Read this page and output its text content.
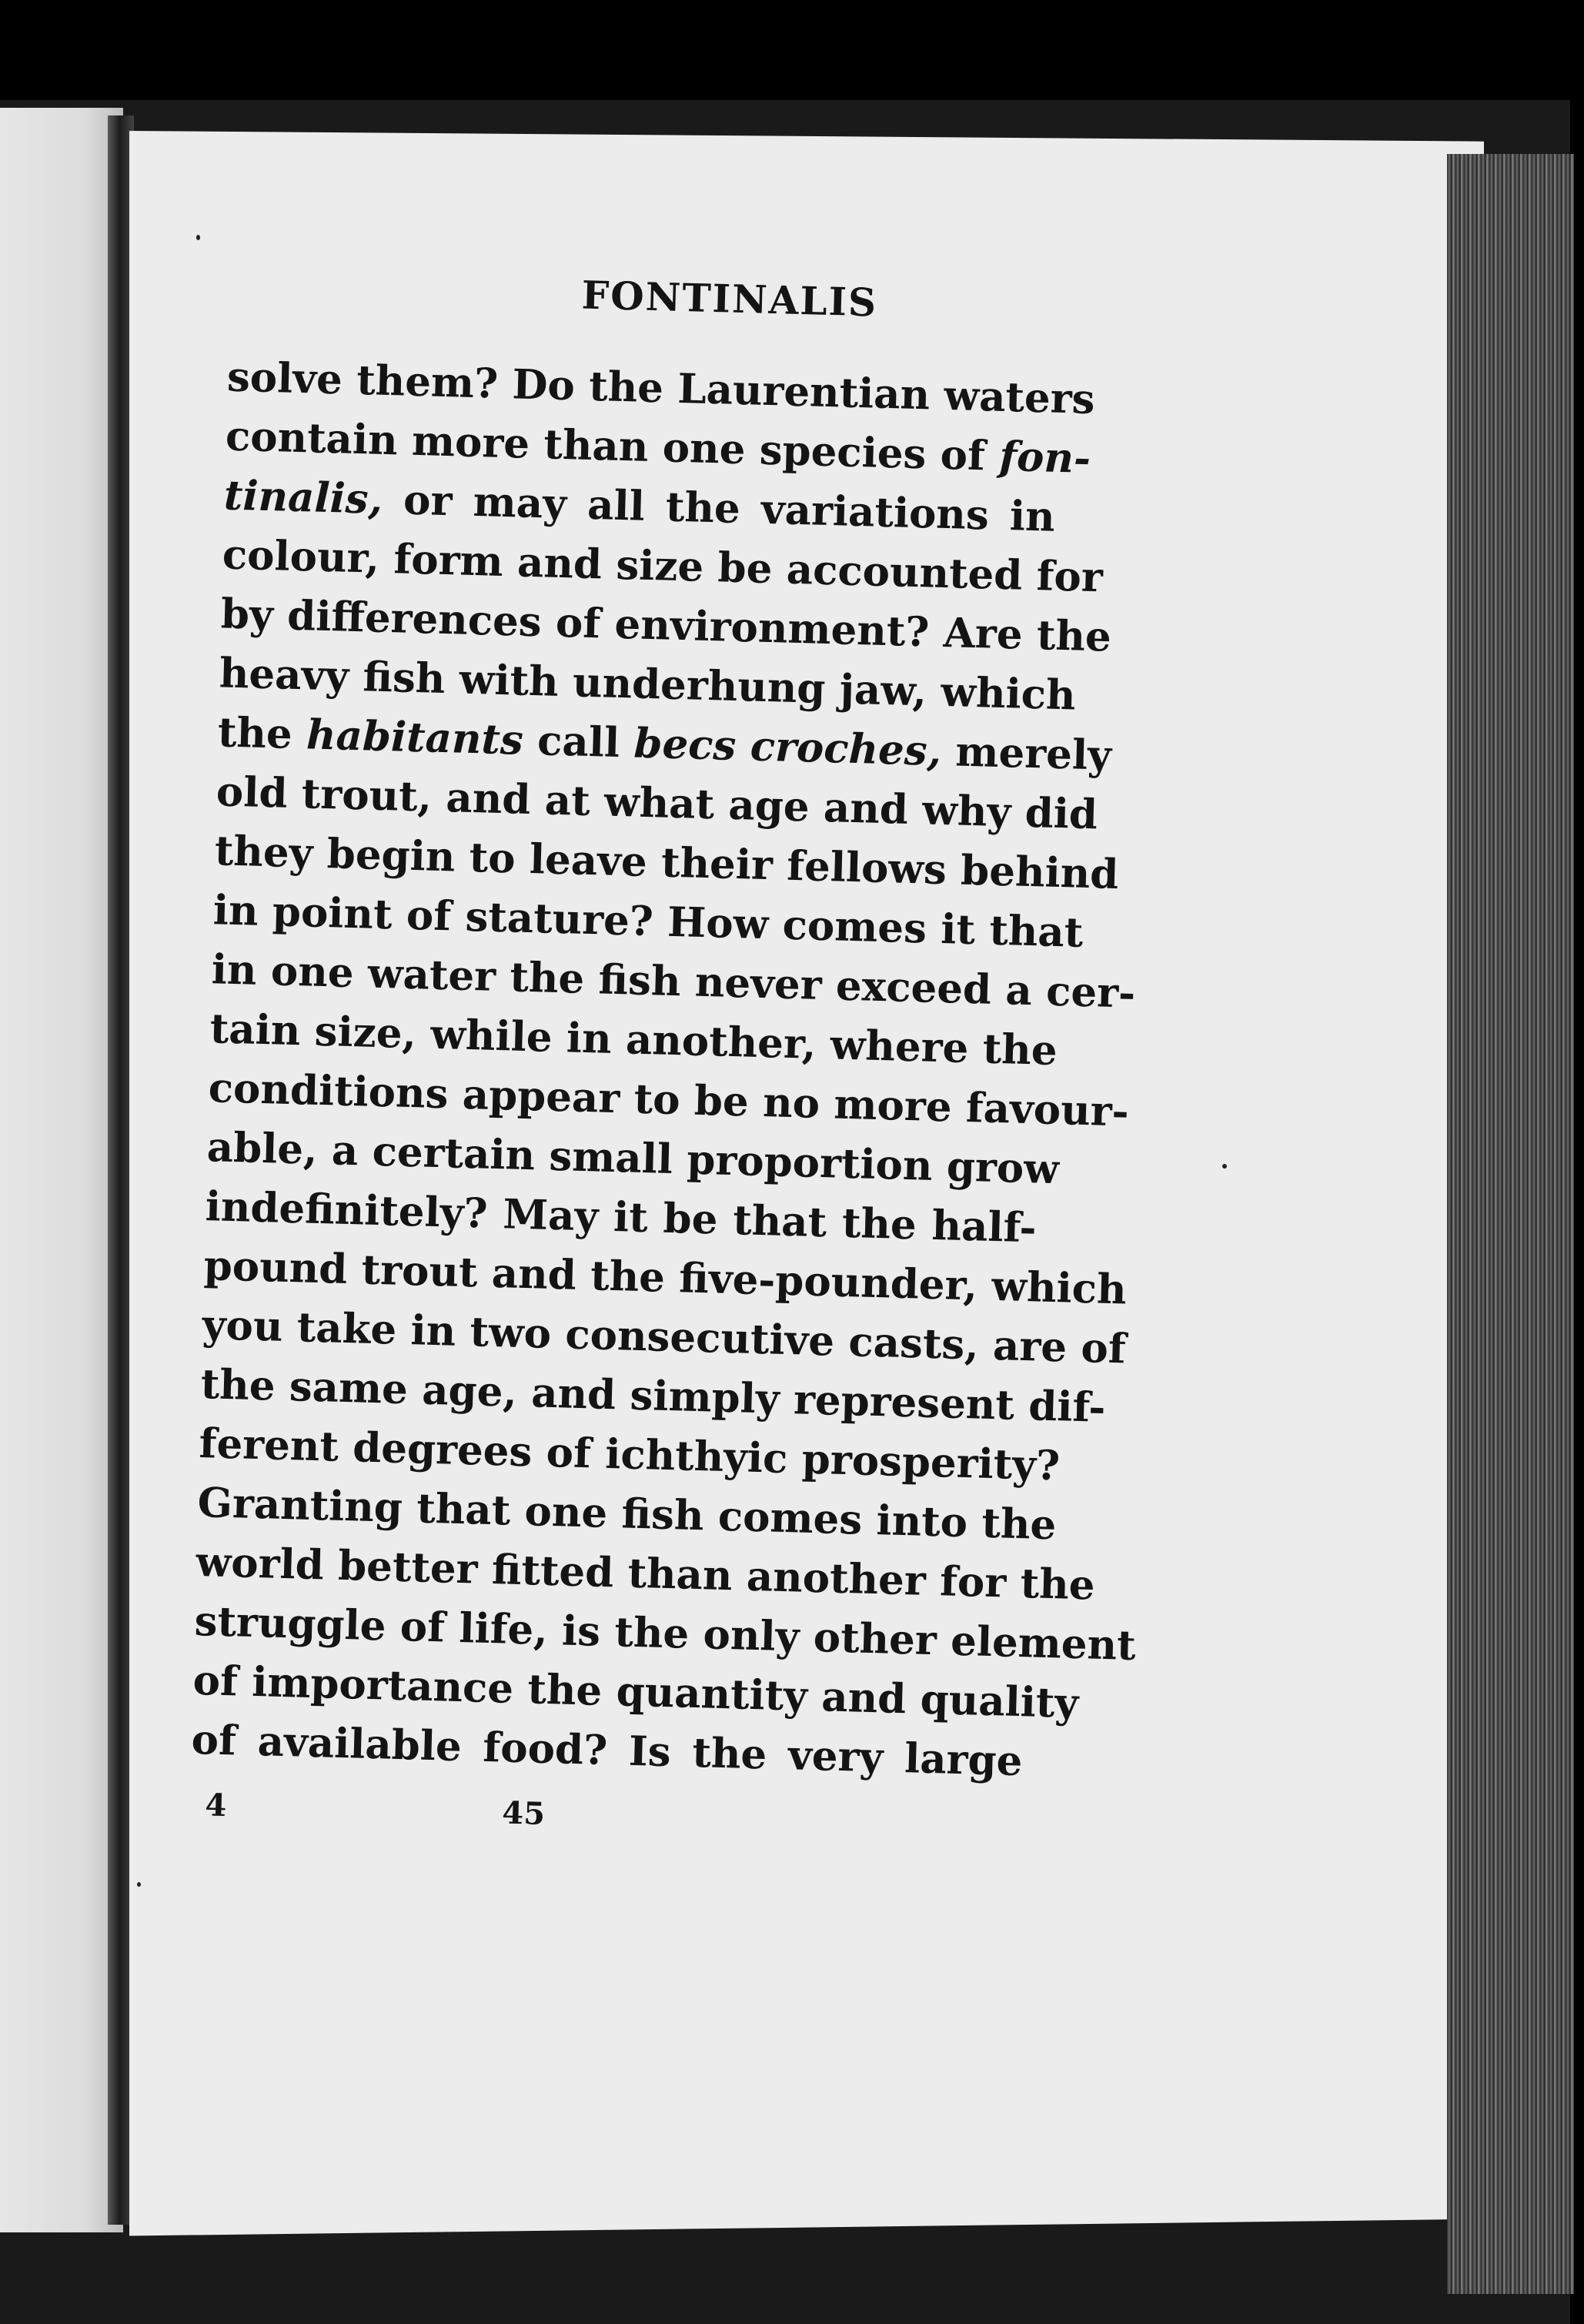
FONTINALIS
solve them? Do the Laurentian waters
contain more than one species of fon-
tinalis, or may all the variations in
colour, form and size be accounted for
by differences of environment? Are the
heavy fish with underhung jaw, which
the habitants call becs croches, merely
old trout, and at what age and why did
they begin to leave their fellows behind
in point of stature? How comes it that
in one water the fish never exceed a cer-
tain size, while in another, where the
conditions appear to be no more favour-
able, a certain small proportion grow
indefinitely? May it be that the half-
pound trout and the five-pounder, which
you take in two consecutive casts, are of
the same age, and simply represent dif-
ferent degrees of ichthyic prosperity?
Granting that one fish comes into the
world better fitted than another for the
struggle of life, is the only other element
of importance the quantity and quality
of available food? Is the very large
4	45
